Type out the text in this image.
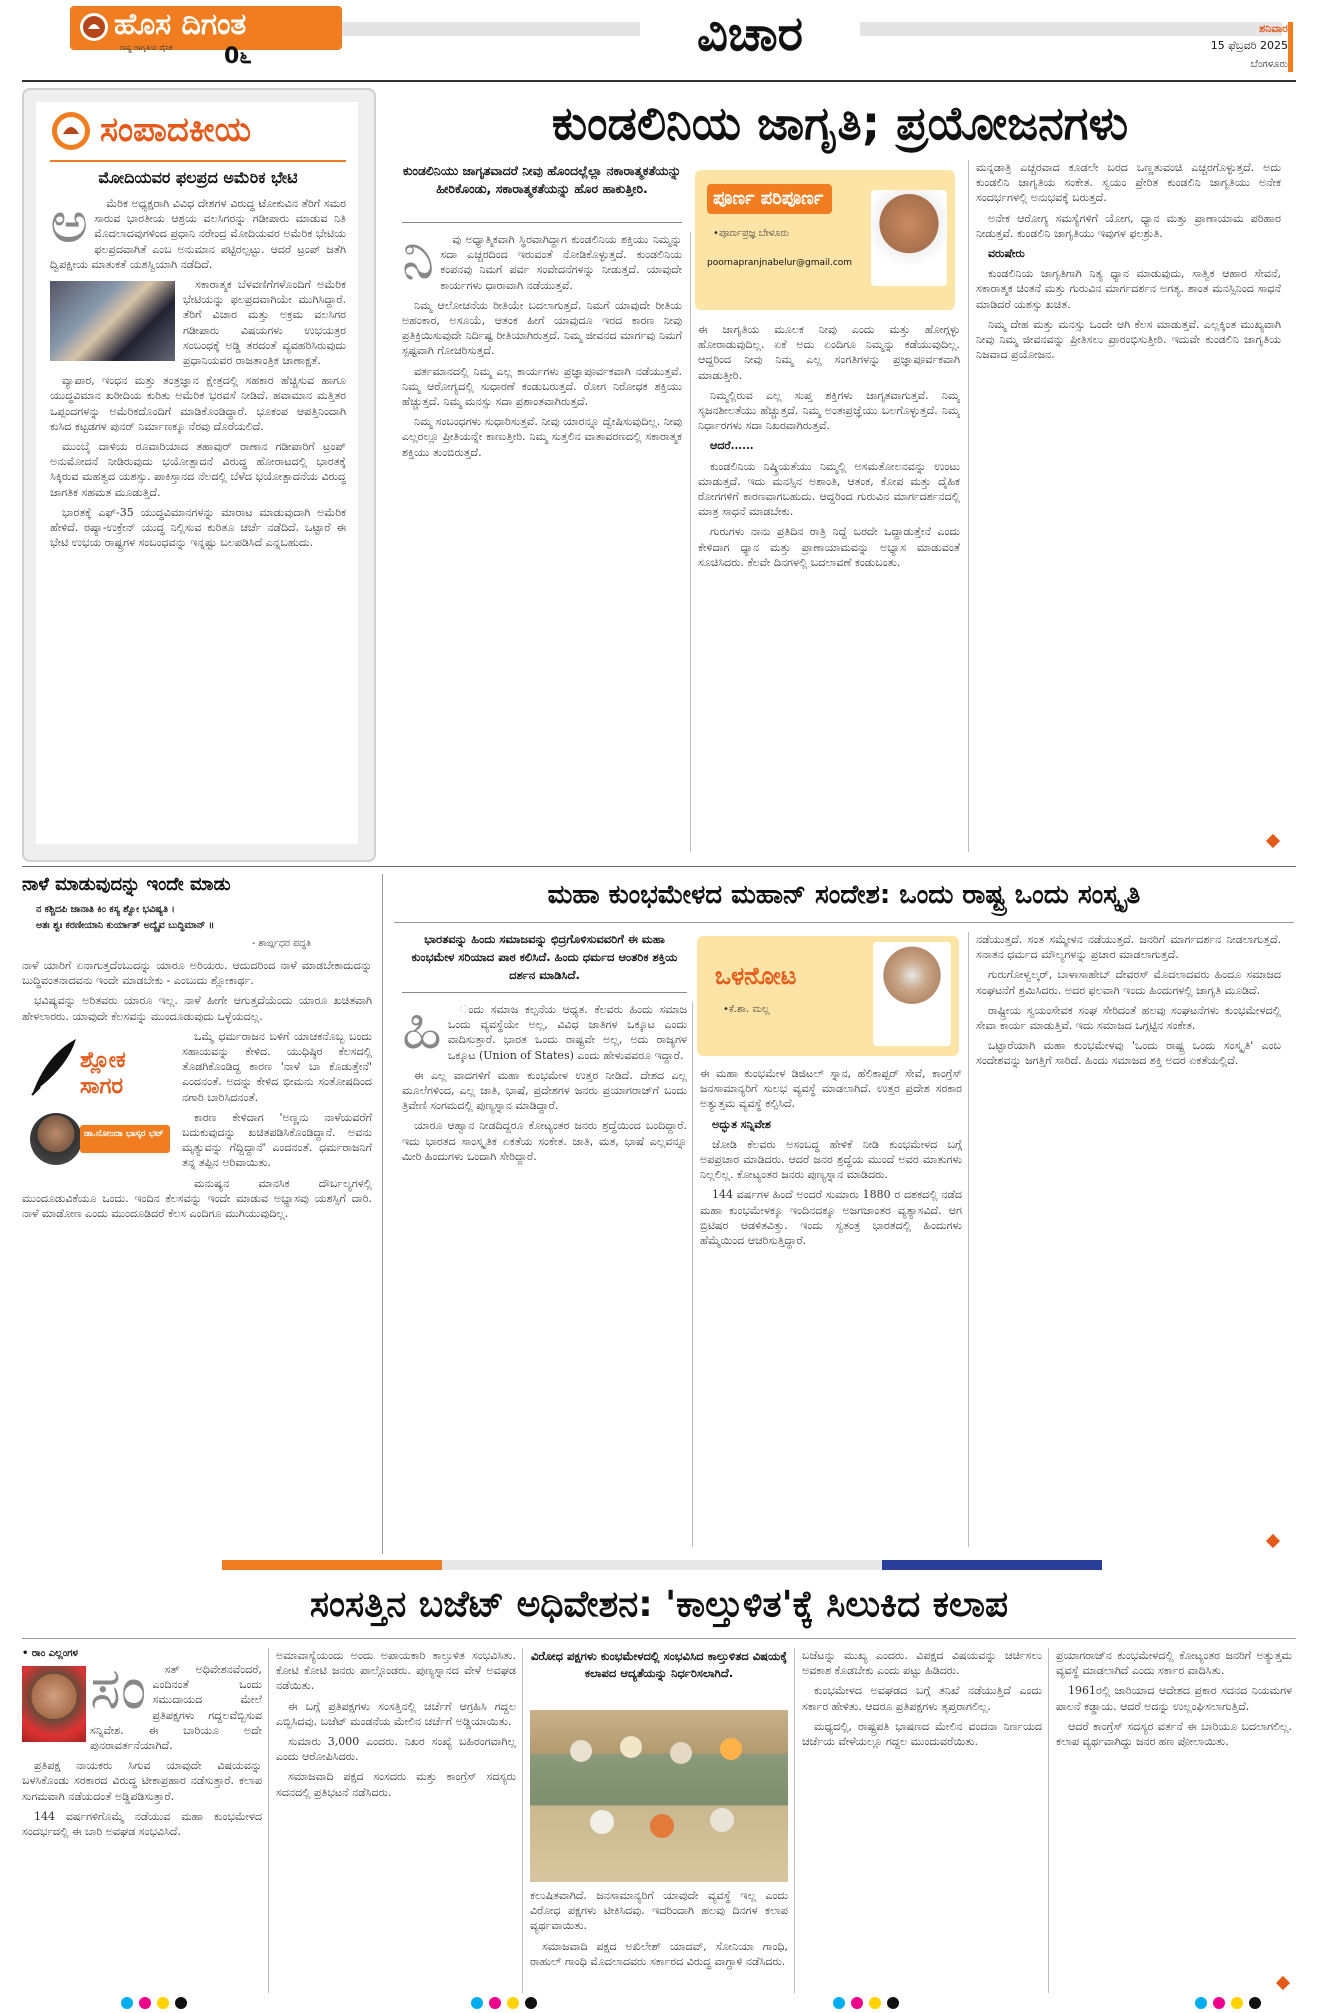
ಹೊಸ ದಿಗಂತ
ರಾಷ್ಟ್ರ ಜಾಗೃತಿಯ ದೈನಿಕ 0೬	ವಿಚಾರ	ಶನಿವಾರ
15 ಫೆಬ್ರವರಿ 2025
ಬೆಂಗಳೂರು
ಸಂಪಾದಕೀಯ
ಮೋದಿಯವರ ಫಲಪ್ರದ ಅಮೆರಿಕ ಭೇಟಿ
ಅ	ಮೆರಿಕ ಅಧ್ಯಕ್ಷರಾಗಿ ವಿವಿಧ ದೇಶಗಳ ವಿರುದ್ಧ ಟೋಕುವಿನ ತೆರಿಗೆ ಸಮರ ಸಾರುವ ಭಾರತೀಯ ಆಶ್ರಯ ವಲಸಿಗರನ್ನು ಗಡೀಪಾರು ಮಾಡುವ ನಿತಿ ಮೊದಲಾದವುಗಳಿಂದ ಪ್ರಧಾನಿ ನರೇಂದ್ರ ಮೋದಿಯವರ ಅಮೆರಿಕ ಭೇಟಿಯ ಫಲಪ್ರದವಾಗಿತೆ ಎಂಬ ಅನುಮಾನ ಪಟ್ಟಿರಲ್ಪಟ್ಟು. ಆದರೆ ಟ್ರಂಪ್ ಜತೆಗಿ ದ್ವಿಪಕ್ಷೀಯ ಮಾತುಕತೆ ಯಶಸ್ವಿಯಾಗಿ ನಡೆದಿದೆ.

ಸಕಾರಾತ್ಮಕ ಬೆಳವಣಿಗೆಗಳೊಂದಿಗೆ ಅಮೆರಿಕ ಭೇಟಿಯನ್ನು ಫಲಪ್ರದವಾಗಿಯೇ ಮುಗಿಸಿದ್ದಾರೆ. ತೆರಿಗೆ ವಿಚಾರ ಮತ್ತು ಅಕ್ರಮ ವಲಸಿಗರ ಗಡೀಪಾರು ವಿಷಯಗಳು ಉಭಯತ್ರರ ಸಂಬಂಧಕ್ಕೆ ಅಡ್ಡಿ ತರದಂತೆ ವ್ಯವಹರಿಸಿರುವುದು ಪ್ರಧಾನಿಯವರ ರಾಜತಾಂತ್ರಿಕ ಚಾಣಾಕ್ಷತೆ.

ವ್ಯಾಪಾರ, ಇಂಧನ ಮತ್ತು ತಂತ್ರಜ್ಞಾನ ಕ್ಷೇತ್ರದಲ್ಲಿ ಸಹಕಾರ ಹೆಚ್ಚಿಸುವ ಹಾಗೂ ಯುದ್ಧವಿಮಾನ ಖರೀದಿಯ ಕುರಿತು ಅಮೆರಿಕ ಭರವಸೆ ನೀಡಿದೆ. ಹವಾಮಾನ ಮತ್ತಿತರ ಒಪ್ಪಂದಗಳನ್ನು ಅಮೆರಿಕದೊಂದಿಗೆ ಮಾಡಿಕೊಂಡಿದ್ದಾರೆ. ಭೂಕಂಪ ಆಪತ್ತಿನಿಂದಾಗಿ ಕುಸಿದ ಕಟ್ಟಡಗಳ ಪುನರ್ ನಿರ್ಮಾಣಕ್ಕೂ ನೆರವು ದೊರೆಯಲಿದೆ.

ಮುಂಬೈ ದಾಳಿಯ ರೂವಾರಿಯಾದ ತಹಾವುರ್ ರಾಣಾನ ಗಡೀಪಾರಿಗೆ ಟ್ರಂಪ್ ಅನುಮೋದನೆ ನೀಡಿರುವುದು ಭಯೋತ್ಪಾದನೆ ವಿರುದ್ಧ ಹೋರಾಟದಲ್ಲಿ ಭಾರತಕ್ಕೆ ಸಿಕ್ಕಿರುವ ಮಹತ್ವದ ಯಶಸ್ಸು. ಪಾಕಿಸ್ತಾನದ ನೆಲದಲ್ಲಿ ಬೆಳೆದ ಭಯೋತ್ಪಾದನೆಯ ವಿರುದ್ಧ ಜಾಗತಿಕ ಸಹಮತ ಮೂಡುತ್ತಿದೆ.

ಭಾರತಕ್ಕೆ ಎಫ್-35 ಯುದ್ಧವಿಮಾನಗಳನ್ನು ಮಾರಾಟ ಮಾಡುವುದಾಗಿ ಅಮೆರಿಕ ಹೇಳಿದೆ. ರಷ್ಯಾ-ಉಕ್ರೇನ್ ಯುದ್ಧ ನಿಲ್ಲಿಸುವ ಕುರಿತೂ ಚರ್ಚೆ ನಡೆದಿದೆ. ಒಟ್ಟಾರೆ ಈ ಭೇಟಿ ಉಭಯ ರಾಷ್ಟ್ರಗಳ ಸಂಬಂಧವನ್ನು ಇನ್ನಷ್ಟು ಬಲಪಡಿಸಿದೆ ಎನ್ನಬಹುದು.

ಕುಂಡಲಿನಿಯ ಜಾಗೃತಿ; ಪ್ರಯೋಜನಗಳು
ಕುಂಡಲಿನಿಯು ಜಾಗೃತವಾದರೆ ನೀವು ಹೊಂದಲ್ಲೆಲ್ಲಾ ನಕಾರಾತ್ಮಕತೆಯನ್ನು ಹೀರಿಕೊಂಡು, ಸಕಾರಾತ್ಮಕತೆಯನ್ನು ಹೊರ ಹಾಕುತ್ತೀರಿ.	ಪೂರ್ಣ ಪರಿಪೂರ್ಣ
•ಪೂರ್ಣಪ್ರಜ್ಞ ಬೇಳೂರು
poornapranjnabelur@gmail.com
ನಿ	ವು ಅಧ್ಯಾತ್ಮಿಕವಾಗಿ ಸ್ಥಿರವಾಗಿದ್ದಾಗ ಕುಂಡಲಿನಿಯ ಶಕ್ತಿಯು ನಿಮ್ಮನ್ನು ಸದಾ ಎಚ್ಚರದಿಂದ ಇರುವಂತೆ ನೋಡಿಕೊಳ್ಳುತ್ತದೆ. ಕುಂಡಲಿನಿಯ ಕಂಪನವು ನಿಮಗೆ ಪರ್ವ ಸಂವೇದನೆಗಳನ್ನು ನೀಡುತ್ತದೆ. ಯಾವುದೇ ಕಾರ್ಯಗಳು ಧಾರಾವಾಗಿ ನಡೆಯುತ್ತವೆ.

ನಿಮ್ಮ ಆಲೋಚನೆಯ ರೀತಿಯೇ ಬದಲಾಗುತ್ತದೆ. ನಿಮಗೆ ಯಾವುದೇ ರೀತಿಯ ಅಹಂಕಾರ, ಅಸೂಯೆ, ಆತಂಕ ಹೀಗೆ ಯಾವುದೂ ಇರದ ಕಾರಣ ನೀವು ಪ್ರತಿಕ್ರಿಯಿಸುವುದೇ ನಿರ್ದಿಷ್ಟ ರೀತಿಯಾಗಿರುತ್ತದೆ. ನಿಮ್ಮ ಜೀವನದ ಮಾರ್ಗವು ನಿಮಗೆ ಸ್ಪಷ್ಟವಾಗಿ ಗೋಚರಿಸುತ್ತದೆ.

ವರ್ತಮಾನದಲ್ಲಿ ನಿಮ್ಮ ಎಲ್ಲ ಕಾರ್ಯಗಳು ಪ್ರಜ್ಞಾಪೂರ್ವಕವಾಗಿ ನಡೆಯುತ್ತವೆ. ನಿಮ್ಮ ಆರೋಗ್ಯದಲ್ಲಿ ಸುಧಾರಣೆ ಕಂಡುಬರುತ್ತದೆ. ರೋಗ ನಿರೋಧಕ ಶಕ್ತಿಯು ಹೆಚ್ಚುತ್ತದೆ. ನಿಮ್ಮ ಮನಸ್ಸು ಸದಾ ಪ್ರಶಾಂತವಾಗಿರುತ್ತದೆ.

ನಿಮ್ಮ ಸಂಬಂಧಗಳು ಸುಧಾರಿಸುತ್ತವೆ. ನೀವು ಯಾರನ್ನೂ ದ್ವೇಷಿಸುವುದಿಲ್ಲ. ನೀವು ಎಲ್ಲರಲ್ಲೂ ಪ್ರೀತಿಯನ್ನೇ ಕಾಣುತ್ತೀರಿ. ನಿಮ್ಮ ಸುತ್ತಲಿನ ವಾತಾವರಣದಲ್ಲಿ ಸಕಾರಾತ್ಮಕ ಶಕ್ತಿಯು ತುಂಬಿರುತ್ತದೆ.

ಈ ಜಾಗೃತಿಯ ಮೂಲಕ ನೀವು ಎಂದು ಮತ್ತು ಹೋಗ್ಗಳ್ಳು ಹೋರಾಡುವುದಿಲ್ಲ. ಏಕೆ ಅದು ಏಂದಿಗೂ ನಿಮ್ಮನ್ನು ಕಡೆಯುವುದಿಲ್ಲ. ಆದ್ದರಿಂದ ನೀವು ನಿಮ್ಮ ಎಲ್ಲ ಸಂಗತಿಗಳನ್ನು ಪ್ರಜ್ಞಾಪೂರ್ವಕವಾಗಿ ಮಾಡುತ್ತೀರಿ.

ನಿಮ್ಮಲ್ಲಿರುವ ಎಲ್ಲ ಸುಪ್ತ ಶಕ್ತಿಗಳು ಜಾಗೃತವಾಗುತ್ತವೆ. ನಿಮ್ಮ ಸೃಜನಶೀಲತೆಯು ಹೆಚ್ಚುತ್ತದೆ. ನಿಮ್ಮ ಅಂತಃಪ್ರಜ್ಞೆಯು ಬಲಗೊಳ್ಳುತ್ತದೆ. ನಿಮ್ಮ ನಿರ್ಧಾರಗಳು ಸದಾ ನಿಖರವಾಗಿರುತ್ತವೆ.

ಆದರೆ......

ಕುಂಡಲಿನಿಯ ನಿಷ್ಕ್ರಿಯತೆಯು ನಿಮ್ಮಲ್ಲಿ ಅಸಮತೋಲನವನ್ನು ಉಂಟು ಮಾಡುತ್ತದೆ. ಇದು ಮನಸ್ಸಿನ ಅಶಾಂತಿ, ಆತಂಕ, ಕೋಪ ಮತ್ತು ದೈಹಿಕ ರೋಗಗಳಿಗೆ ಕಾರಣವಾಗಬಹುದು. ಆದ್ದರಿಂದ ಗುರುವಿನ ಮಾರ್ಗದರ್ಶನದಲ್ಲಿ ಮಾತ್ರ ಸಾಧನೆ ಮಾಡಬೇಕು.

ಗುರುಗಳು ನಾನು ಪ್ರತಿದಿನ ರಾತ್ರಿ ನಿದ್ದೆ ಬರದೇ ಒದ್ದಾಡುತ್ತೇನೆ ಎಂದು ಕೇಳಿದಾಗ ಧ್ಯಾನ ಮತ್ತು ಪ್ರಾಣಾಯಾಮವನ್ನು ಅಭ್ಯಾಸ ಮಾಡುವಂತೆ ಸೂಚಿಸಿದರು. ಕೆಲವೇ ದಿನಗಳಲ್ಲಿ ಬದಲಾವಣೆ ಕಂಡುಬಂತು.

ಮನ್ನಡಾತ್ರಿ ಎಚ್ಚರವಾದ ಕೂಡಲೇ ಬರದ ಒಣ್ಣತುವಂಚಿ ಎಚ್ಚರಗೊಳ್ಳುತ್ತದೆ. ಅದು ಕುಂಡಲಿನಿ ಜಾಗೃತಿಯ ಸಂಕೇತ. ಸ್ವಯಂ ಪ್ರೇರಿತ ಕುಂಡಲಿನಿ ಜಾಗೃತಿಯು ಅನೇಕ ಸಂದರ್ಭಗಳಲ್ಲಿ ಅನುಭವಕ್ಕೆ ಬರುತ್ತದೆ.

ಅನೇಕ ಆರೋಗ್ಯ ಸಮಸ್ಯೆಗಳಿಗೆ ಯೋಗ, ಧ್ಯಾನ ಮತ್ತು ಪ್ರಾಣಾಯಾಮ ಪರಿಹಾರ ನೀಡುತ್ತವೆ. ಕುಂಡಲಿನಿ ಜಾಗೃತಿಯು ಇವುಗಳ ಫಲಶ್ರುತಿ.

ವರುಷೇರು

ಕುಂಡಲಿನಿಯ ಜಾಗೃತಿಗಾಗಿ ನಿತ್ಯ ಧ್ಯಾನ ಮಾಡುವುದು, ಸಾತ್ವಿಕ ಆಹಾರ ಸೇವನೆ, ಸಕಾರಾತ್ಮಕ ಚಿಂತನೆ ಮತ್ತು ಗುರುವಿನ ಮಾರ್ಗದರ್ಶನ ಅಗತ್ಯ. ಶಾಂತ ಮನಸ್ಸಿನಿಂದ ಸಾಧನೆ ಮಾಡಿದರೆ ಯಶಸ್ಸು ಖಚಿತ.

ನಿಮ್ಮ ದೇಹ ಮತ್ತು ಮನಸ್ಸು ಒಂದೇ ಆಗಿ ಕೆಲಸ ಮಾಡುತ್ತವೆ. ಎಲ್ಲಕ್ಕಿಂತ ಮುಖ್ಯವಾಗಿ ನೀವು ನಿಮ್ಮ ಜೀವನವನ್ನು ಪ್ರೀತಿಸಲು ಪ್ರಾರಂಭಿಸುತ್ತೀರಿ. ಇದುವೇ ಕುಂಡಲಿನಿ ಜಾಗೃತಿಯ ನಿಜವಾದ ಪ್ರಯೋಜನ.

ನಾಳೆ ಮಾಡುವುದನ್ನು ಇಂದೇ ಮಾಡು
ನ ಕಶ್ಚಿದಪಿ ಜಾನಾತಿ ಕಿಂ ಕಸ್ಯ ಶ್ವೋ ಭವಿಷ್ಯತಿ ।
ಅತಃ ಶ್ವಃ ಕರಣೀಯಾನಿ ಕುರ್ಯಾತ್ ಅದ್ಯೈವ ಬುದ್ಧಿಮಾನ್ ॥
- ಶಾರ್ಙ್ಗಧರ ಪದ್ಧತಿ

ನಾಳೆ ಯಾರಿಗೆ ಏನಾಗುತ್ತದೆಂಬುದನ್ನು ಯಾರೂ ಅರಿಯರು. ಆದುದರಿಂದ ನಾಳೆ ಮಾಡಬೇಕಾದುದನ್ನು ಬುದ್ಧಿವಂತನಾದವನು ಇಂದೇ ಮಾಡಬೇಕು - ಎಂಬುದು ಶ್ಲೋಕಾರ್ಥ.

ಭವಿಷ್ಯವನ್ನು ಅರಿತವರು ಯಾರೂ ಇಲ್ಲ. ನಾಳೆ ಹೀಗೇ ಆಗುತ್ತದೆಯೆಂದು ಯಾರೂ ಖಚಿತವಾಗಿ ಹೇಳಲಾರರು. ಯಾವುದೇ ಕೆಲಸವನ್ನು ಮುಂದೂಡುವುದು ಒಳ್ಳೆಯದಲ್ಲ.

ಶ್ಲೋಕ ಸಾಗರ
ಡಾ.ನೋಂದಾ ಭಾಸ್ಕರ ಭಟ್

ಒಮ್ಮೆ ಧರ್ಮರಾಜನ ಬಳಿಗೆ ಯಾಚಕನೊಬ್ಬ ಬಂದು ಸಹಾಯವನ್ನು ಕೇಳಿದ. ಯುಧಿಷ್ಠಿರ ಕೆಲಸದಲ್ಲಿ ತೊಡಗಿಕೊಂಡಿದ್ದ ಕಾರಣ 'ನಾಳೆ ಬಾ ಕೊಡುತ್ತೇನೆ' ಎಂದನಂತೆ. ಅದನ್ನು ಕೇಳಿದ ಭೀಮನು ಸಂತೋಷದಿಂದ ನಗಾರಿ ಬಾರಿಸಿದನಂತೆ.

ಕಾರಣ ಕೇಳಿದಾಗ 'ಅಣ್ಣನು ನಾಳೆಯವರೆಗೆ ಬದುಕುವುದನ್ನು ಖಚಿತಪಡಿಸಿಕೊಂಡಿದ್ದಾನೆ. ಅವನು ಮೃತ್ಯುವನ್ನು ಗೆದ್ದಿದ್ದಾನೆ' ಎಂದನಂತೆ. ಧರ್ಮರಾಜನಿಗೆ ತನ್ನ ತಪ್ಪಿನ ಅರಿವಾಯಿತು.

ಮನುಷ್ಯನ ಮಾನಸಿಕ ದೌರ್ಬಲ್ಯಗಳಲ್ಲಿ ಮುಂದೂಡುವಿಕೆಯೂ ಒಂದು. ಇಂದಿನ ಕೆಲಸವನ್ನು ಇಂದೇ ಮಾಡುವ ಅಭ್ಯಾಸವು ಯಶಸ್ಸಿಗೆ ದಾರಿ. ನಾಳೆ ಮಾಡೋಣ ಎಂದು ಮುಂದೂಡಿದರೆ ಕೆಲಸ ಎಂದಿಗೂ ಮುಗಿಯುವುದಿಲ್ಲ.

ಮಹಾ ಕುಂಭಮೇಳದ ಮಹಾನ್ ಸಂದೇಶ: ಒಂದು ರಾಷ್ಟ್ರ ಒಂದು ಸಂಸ್ಕೃತಿ
ಭಾರತವನ್ನು ಹಿಂದು ಸಮಾಜವನ್ನು ಛಿದ್ರಗೊಳಿಸುವವರಿಗೆ ಈ ಮಹಾ ಕುಂಭಮೇಳ ಸರಿಯಾದ ಪಾಠ ಕಲಿಸಿದೆ. ಹಿಂದು ಧರ್ಮದ ಆಂತರಿಕ ಶಕ್ತಿಯ ದರ್ಶನ ಮಾಡಿಸಿದೆ.	ಒಳನೋಟ
•ಕೆ.ಶಾ. ಮಲ್ಲ
ಹಿ	ಂದು ಸಮಾಜ ಕಲ್ಪನೆಯ ಆಧ್ಯತ. ಕೆಲವರು ಹಿಂದು ಸಮಾಜ ಒಂದು ವ್ಯವಸ್ಥೆಯೇ ಅಲ್ಲ, ವಿವಿಧ ಜಾತಿಗಳ ಒಕ್ಕೂಟ ಎಂದು ವಾದಿಸುತ್ತಾರೆ. ಭಾರತ ಒಂದು ರಾಷ್ಟ್ರವೇ ಅಲ್ಲ, ಅದು ರಾಜ್ಯಗಳ ಒಕ್ಕೂಟ (Union of States) ಎಂದು ಹೇಳುವವರೂ ಇದ್ದಾರೆ.

ಈ ಎಲ್ಲ ವಾದಗಳಿಗೆ ಮಹಾ ಕುಂಭಮೇಳ ಉತ್ತರ ನೀಡಿದೆ. ದೇಶದ ಎಲ್ಲ ಮೂಲೆಗಳಿಂದ, ಎಲ್ಲ ಜಾತಿ, ಭಾಷೆ, ಪ್ರದೇಶಗಳ ಜನರು ಪ್ರಯಾಗರಾಜ್‌ಗೆ ಬಂದು ತ್ರಿವೇಣಿ ಸಂಗಮದಲ್ಲಿ ಪುಣ್ಯಸ್ನಾನ ಮಾಡಿದ್ದಾರೆ.

ಯಾರೂ ಆಹ್ವಾನ ನೀಡದಿದ್ದರೂ ಕೋಟ್ಯಂತರ ಜನರು ಶ್ರದ್ಧೆಯಿಂದ ಬಂದಿದ್ದಾರೆ. ಇದು ಭಾರತದ ಸಾಂಸ್ಕೃತಿಕ ಏಕತೆಯ ಸಂಕೇತ. ಜಾತಿ, ಮತ, ಭಾಷೆ ಎಲ್ಲವನ್ನೂ ಮೀರಿ ಹಿಂದುಗಳು ಒಂದಾಗಿ ಸೇರಿದ್ದಾರೆ.

ಈ ಮಹಾ ಕುಂಭಮೇಳ ಡಿಜಿಟಲ್ ಸ್ನಾನ, ಹೆಲಿಕಾಪ್ಟರ್ ಸೇವೆ, ಕಾಂಗ್ರೆಸ್ ಜನಸಾಮಾನ್ಯರಿಗೆ ಸುಲಭ ವ್ಯವಸ್ಥೆ ಮಾಡಲಾಗಿದೆ. ಉತ್ತರ ಪ್ರದೇಶ ಸರಕಾರ ಅತ್ಯುತ್ತಮ ವ್ಯವಸ್ಥೆ ಕಲ್ಪಿಸಿದೆ.

ಅದ್ಭುತ ಸನ್ನಿವೇಶ

ಜೋಡಿ ಕೆಲವರು ಅಸಂಬದ್ಧ ಹೇಳಿಕೆ ನೀಡಿ ಕುಂಭಮೇಳದ ಬಗ್ಗೆ ಅಪಪ್ರಚಾರ ಮಾಡಿದರು. ಆದರೆ ಜನರ ಶ್ರದ್ಧೆಯ ಮುಂದೆ ಅವರ ಮಾತುಗಳು ನಿಲ್ಲಲಿಲ್ಲ. ಕೋಟ್ಯಂತರ ಜನರು ಪುಣ್ಯಸ್ನಾನ ಮಾಡಿದರು.

144 ವರ್ಷಗಳ ಹಿಂದೆ ಅಂದರೆ ಸುಮಾರು 1880 ರ ದಶಕದಲ್ಲಿ ನಡೆದ ಮಹಾ ಕುಂಭಮೇಳಕ್ಕೂ ಇಂದಿನದಕ್ಕೂ ಅಜಗಜಾಂತರ ವ್ಯತ್ಯಾಸವಿದೆ. ಆಗ ಬ್ರಿಟಿಷರ ಆಡಳಿತವಿತ್ತು. ಇಂದು ಸ್ವತಂತ್ರ ಭಾರತದಲ್ಲಿ ಹಿಂದುಗಳು ಹೆಮ್ಮೆಯಿಂದ ಆಚರಿಸುತ್ತಿದ್ದಾರೆ.

ನಡೆಯುತ್ತದೆ. ಸಂತ ಸಮ್ಮೇಳನ ನಡೆಯುತ್ತದೆ. ಜನರಿಗೆ ಮಾರ್ಗದರ್ಶನ ನೀಡಲಾಗುತ್ತದೆ. ಸನಾತನ ಧರ್ಮದ ಮೌಲ್ಯಗಳನ್ನು ಪ್ರಚಾರ ಮಾಡಲಾಗುತ್ತದೆ.

ಗುರುಗೋಳ್ವಲ್ಕರ್, ಬಾಳಾಸಾಹೇಬ್ ದೇವರಸ್ ಮೊದಲಾದವರು ಹಿಂದೂ ಸಮಾಜದ ಸಂಘಟನೆಗೆ ಶ್ರಮಿಸಿದರು. ಅದರ ಫಲವಾಗಿ ಇಂದು ಹಿಂದುಗಳಲ್ಲಿ ಜಾಗೃತಿ ಮೂಡಿದೆ.

ರಾಷ್ಟ್ರೀಯ ಸ್ವಯಂಸೇವಕ ಸಂಘ ಸೇರಿದಂತೆ ಹಲವು ಸಂಘಟನೆಗಳು ಕುಂಭಮೇಳದಲ್ಲಿ ಸೇವಾ ಕಾರ್ಯ ಮಾಡುತ್ತಿವೆ. ಇದು ಸಮಾಜದ ಒಗ್ಗಟ್ಟಿನ ಸಂಕೇತ.

ಒಟ್ಟಾರೆಯಾಗಿ ಮಹಾ ಕುಂಭಮೇಳವು 'ಒಂದು ರಾಷ್ಟ್ರ ಒಂದು ಸಂಸ್ಕೃತಿ' ಎಂಬ ಸಂದೇಶವನ್ನು ಜಗತ್ತಿಗೆ ಸಾರಿದೆ. ಹಿಂದು ಸಮಾಜದ ಶಕ್ತಿ ಅದರ ಏಕತೆಯಲ್ಲಿದೆ.

ಸಂಸತ್ತಿನ ಬಜೆಟ್ ಅಧಿವೇಶನ: 'ಕಾಲ್ತುಳಿತ'ಕ್ಕೆ ಸಿಲುಕಿದ ಕಲಾಪ
• ರಾಂ ಎಲ್ಲಂಗಳ
ಸಂ	ಸತ್ ಅಧಿವೇಶನವೆಂದರೆ, ಎಂದಿನಂತೆ ಒಂದು ಸಮುದಾಯದ ಮೇಲೆ ಪ್ರತಿಪಕ್ಷಗಳು ಗದ್ದಲವೆಬ್ಬಿಸುವ ಸನ್ನಿವೇಶ. ಈ ಬಾರಿಯೂ ಅದೇ ಪುನರಾವರ್ತನೆಯಾಗಿದೆ.

ಪ್ರತಿಪಕ್ಷ ನಾಯಕರು ಸಿಗುವ ಯಾವುದೇ ವಿಷಯವನ್ನು ಬಳಸಿಕೊಂಡು ಸರಕಾರದ ವಿರುದ್ಧ ಟೀಕಾಪ್ರಹಾರ ನಡೆಸುತ್ತಾರೆ. ಕಲಾಪ ಸುಗಮವಾಗಿ ನಡೆಯದಂತೆ ಅಡ್ಡಿಪಡಿಸುತ್ತಾರೆ.

144 ವರ್ಷಗಳಿಗೊಮ್ಮೆ ನಡೆಯುವ ಮಹಾ ಕುಂಭಮೇಳದ ಸಂದರ್ಭದಲ್ಲಿ ಈ ಬಾರಿ ಅವಘಡ ಸಂಭವಿಸಿದೆ.

ಅಮಾವಾಸ್ಯೆಯಂದು ಅಂದು ಅಪಾಯಕಾರಿ ಕಾಲ್ತುಳಿತ ಸಂಭವಿಸಿತು. ಕೋಟಿ ಕೋಟಿ ಜನರು ಪಾಲ್ಗೊಂಡರು. ಪುಣ್ಯಸ್ನಾನದ ವೇಳೆ ಅವಘಡ ನಡೆಯಿತು.

ಈ ಬಗ್ಗೆ ಪ್ರತಿಪಕ್ಷಗಳು ಸಂಸತ್ತಿನಲ್ಲಿ ಚರ್ಚೆಗೆ ಆಗ್ರಹಿಸಿ ಗದ್ದಲ ಎಬ್ಬಿಸಿದವು. ಬಜೆಟ್ ಮಂಡನೆಯ ಮೇಲಿನ ಚರ್ಚೆಗೆ ಅಡ್ಡಿಯಾಯಿತು.

ಸುಮಾರು 3,000 ಎಂದರು. ನಿಖರ ಸಂಖ್ಯೆ ಬಹಿರಂಗವಾಗಿಲ್ಲ ಎಂದು ಆರೋಪಿಸಿದರು.

ಸಮಾಜವಾದಿ ಪಕ್ಷದ ಸಂಸದರು ಮತ್ತು ಕಾಂಗ್ರೆಸ್ ಸದಸ್ಯರು ಸದನದಲ್ಲಿ ಪ್ರತಿಭಟನೆ ನಡೆಸಿದರು.

ವಿರೋಧ ಪಕ್ಷಗಳು ಕುಂಭಮೇಳದಲ್ಲಿ ಸಂಭವಿಸಿದ ಕಾಲ್ತುಳಿತದ ವಿಷಯಕ್ಕೆ ಕಲಾಪದ ಆದ್ಯತೆಯನ್ನು ನಿರ್ಧರಿಸಲಾಗಿದೆ.

ಕಲುಷಿತವಾಗಿದೆ. ಜನಸಾಮಾನ್ಯರಿಗೆ ಯಾವುದೇ ವ್ಯವಸ್ಥೆ ಇಲ್ಲ ಎಂದು ವಿರೋಧ ಪಕ್ಷಗಳು ಟೀಕಿಸಿದವು. ಇದರಿಂದಾಗಿ ಹಲವು ದಿನಗಳ ಕಲಾಪ ವ್ಯರ್ಥವಾಯಿತು.

ಸಮಾಜವಾದಿ ಪಕ್ಷದ ಅಖಿಲೇಶ್ ಯಾದವ್, ಸೋನಿಯಾ ಗಾಂಧಿ, ರಾಹುಲ್ ಗಾಂಧಿ ಮೊದಲಾದವರು ಸರ್ಕಾರದ ವಿರುದ್ಧ ವಾಗ್ದಾಳಿ ನಡೆಸಿದರು.

ಬಜೆಟನ್ನು ಮುಖ್ಯ ಎಂದರು. ವಿಪಕ್ಷದ ವಿಷಯವನ್ನು ಚರ್ಚಿಸಲು ಅವಕಾಶ ಕೊಡಬೇಕು ಎಂದು ಪಟ್ಟು ಹಿಡಿದರು.

ಕುಂಭಮೇಳದ ಅವಘಡದ ಬಗ್ಗೆ ತನಿಖೆ ನಡೆಯುತ್ತಿದೆ ಎಂದು ಸರ್ಕಾರ ಹೇಳಿತು. ಆದರೂ ಪ್ರತಿಪಕ್ಷಗಳು ತೃಪ್ತರಾಗಲಿಲ್ಲ.

ಮಧ್ಯದಲ್ಲಿ, ರಾಷ್ಟ್ರಪತಿ ಭಾಷಣದ ಮೇಲಿನ ವಂದನಾ ನಿರ್ಣಯದ ಚರ್ಚೆಯ ವೇಳೆಯಲ್ಲೂ ಗದ್ದಲ ಮುಂದುವರೆಯಿತು.

ಪ್ರಯಾಗರಾಜ್‌ನ ಕುಂಭಮೇಳದಲ್ಲಿ ಕೋಟ್ಯಂತರ ಜನರಿಗೆ ಅತ್ಯುತ್ತಮ ವ್ಯವಸ್ಥೆ ಮಾಡಲಾಗಿದೆ ಎಂದು ಸರ್ಕಾರ ವಾದಿಸಿತು.

1961ರಲ್ಲಿ ಜಾರಿಯಾದ ಆದೇಶದ ಪ್ರಕಾರ ಸದನದ ನಿಯಮಗಳ ಪಾಲನೆ ಕಡ್ಡಾಯ. ಆದರೆ ಅದನ್ನು ಉಲ್ಲಂಘಿಸಲಾಗುತ್ತಿದೆ.

ಆದರೆ ಕಾಂಗ್ರೆಸ್ ಸದಸ್ಯರ ವರ್ತನೆ ಈ ಬಾರಿಯೂ ಬದಲಾಗಲಿಲ್ಲ. ಕಲಾಪ ವ್ಯರ್ಥವಾಗಿದ್ದು ಜನರ ಹಣ ಪೋಲಾಯಿತು.
